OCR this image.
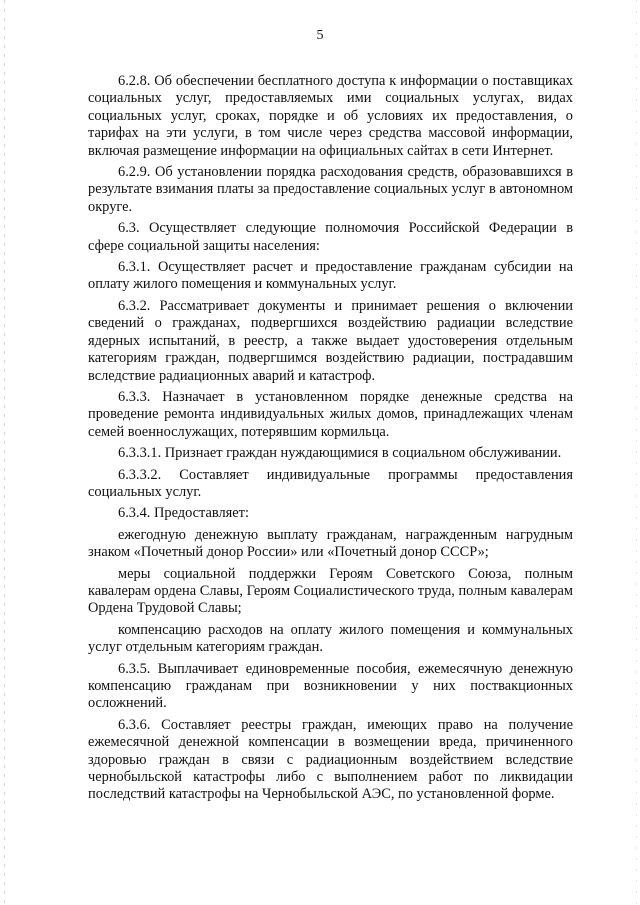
5

6.2.8. Об обеспечении бесплатного доступа к информации о поставщиках социальных услуг, предоставляемых ими социальных услугах, видах социальных услуг, сроках, порядке и об условиях их предоставления, о тарифах на эти услуги, в том числе через средства массовой информации, включая размещение информации на официальных сайтах в сети Интернет.

6.2.9. Об установлении порядка расходования средств, образовавшихся в результате взимания платы за предоставление социальных услуг в автономном округе.

6.3. Осуществляет следующие полномочия Российской Федерации в сфере социальной защиты населения:

6.3.1. Осуществляет расчет и предоставление гражданам субсидии на оплату жилого помещения и коммунальных услуг.

6.3.2. Рассматривает документы и принимает решения о включении сведений о гражданах, подвергшихся воздействию радиации вследствие ядерных испытаний, в реестр, а также выдает удостоверения отдельным категориям граждан, подвергшимся воздействию радиации, пострадавшим вследствие радиационных аварий и катастроф.

6.3.3. Назначает в установленном порядке денежные средства на проведение ремонта индивидуальных жилых домов, принадлежащих членам семей военнослужащих, потерявшим кормильца.

6.3.3.1. Признает граждан нуждающимися в социальном обслуживании.

6.3.3.2. Составляет индивидуальные программы предоставления социальных услуг.

6.3.4. Предоставляет:

ежегодную денежную выплату гражданам, награжденным нагрудным знаком «Почетный донор России» или «Почетный донор СССР»;

меры социальной поддержки Героям Советского Союза, полным кавалерам ордена Славы, Героям Социалистического труда, полным кавалерам Ордена Трудовой Славы;

компенсацию расходов на оплату жилого помещения и коммунальных услуг отдельным категориям граждан.

6.3.5. Выплачивает единовременные пособия, ежемесячную денежную компенсацию гражданам при возникновении у них поствакционных осложнений.

6.3.6. Составляет реестры граждан, имеющих право на получение ежемесячной денежной компенсации в возмещении вреда, причиненного здоровью граждан в связи с радиационным воздействием вследствие чернобыльской катастрофы либо с выполнением работ по ликвидации последствий катастрофы на Чернобыльской АЭС, по установленной форме.
